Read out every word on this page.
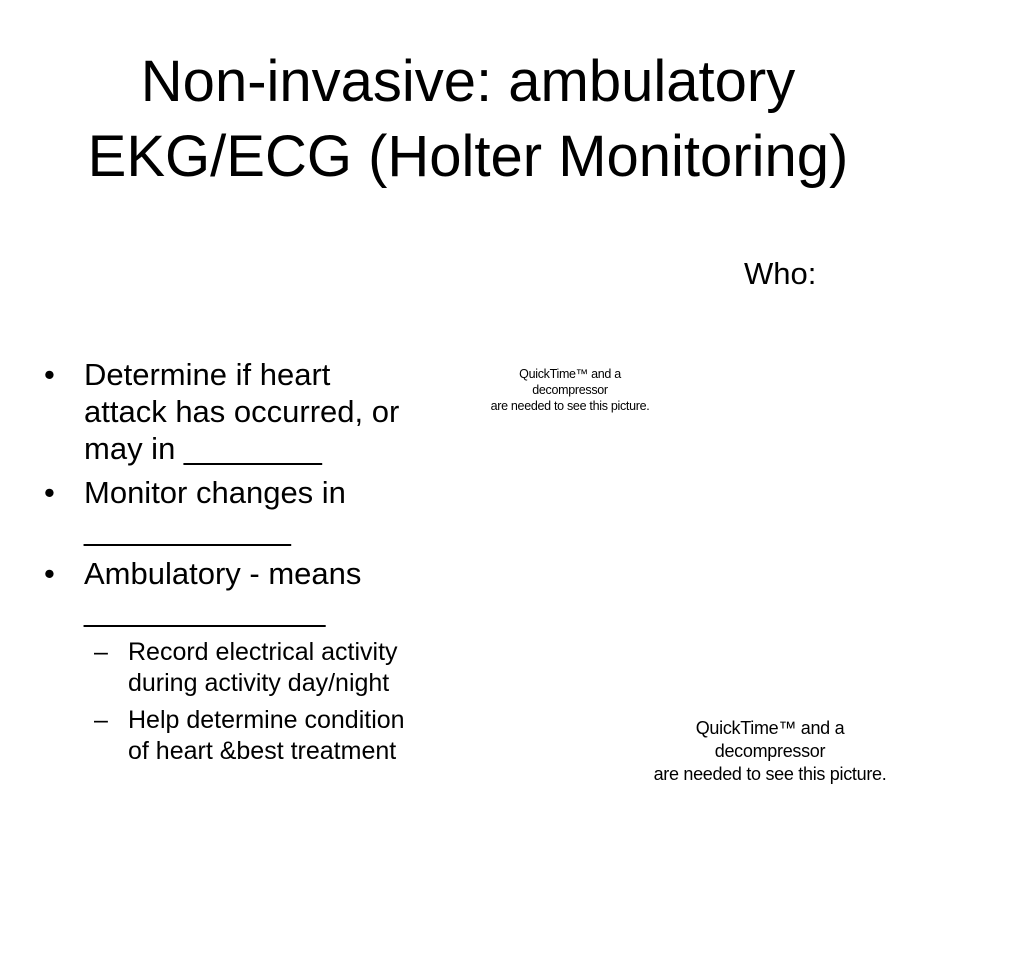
Non-invasive: ambulatory
EKG/ECG (Holter Monitoring)
Who:
• Determine if heart
attack has occurred, or
may in ________
• Monitor changes in
____________
• Ambulatory - means
______________
– Record electrical activity
during activity day/night
– Help determine condition
of heart &best treatment
QuickTime™ and a
decompressor
are needed to see this picture.
QuickTime™ and a
decompressor
are needed to see this picture.
